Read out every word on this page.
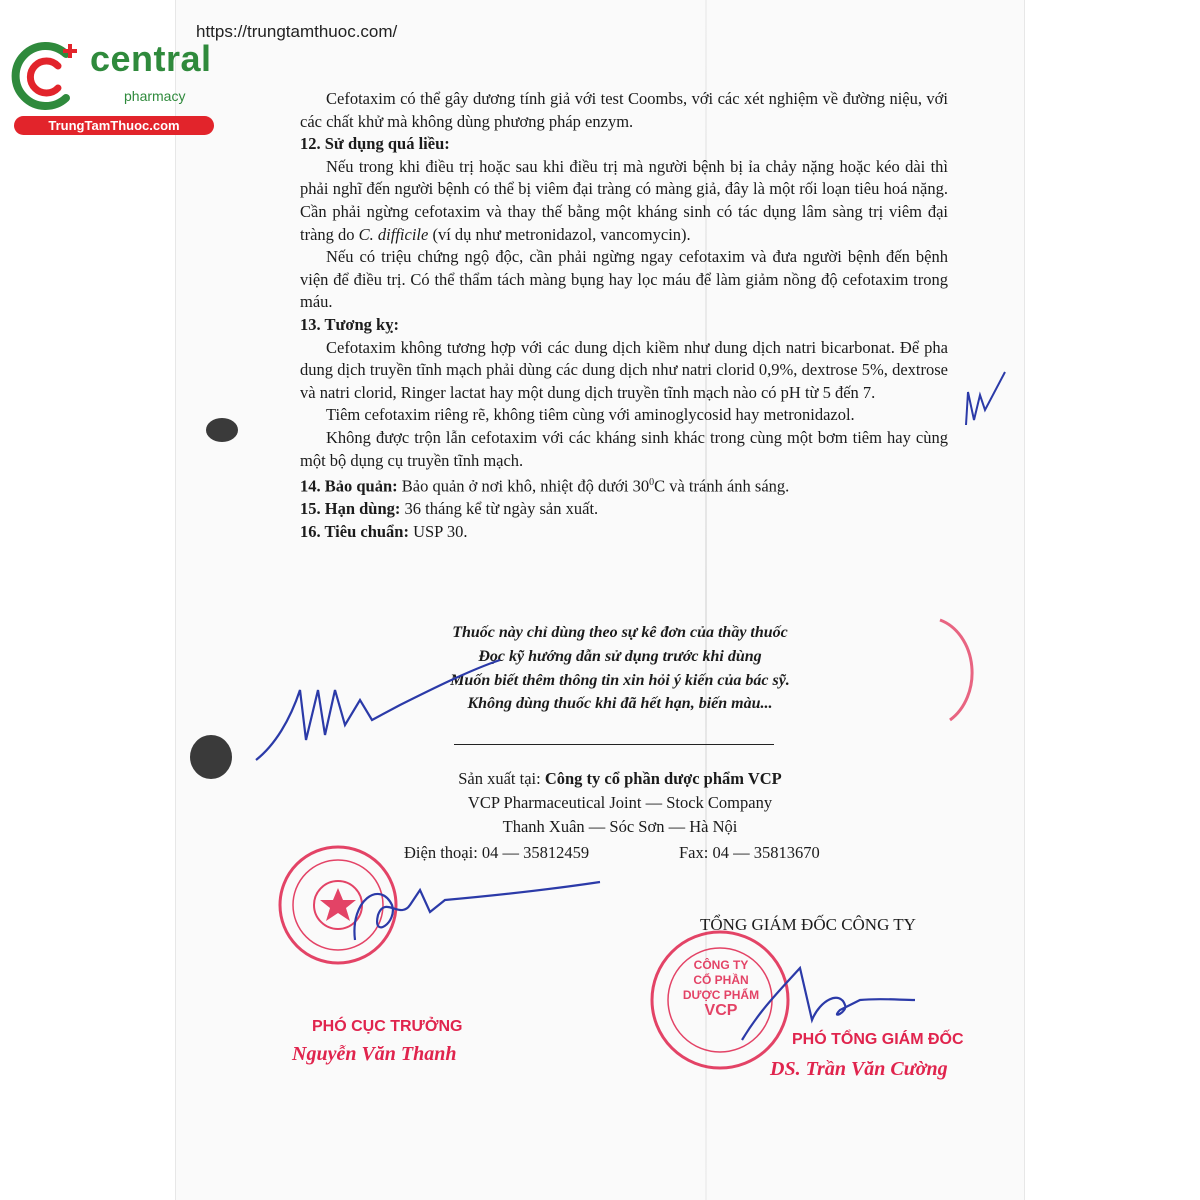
https://trungtamthuoc.com/
central
pharmacy
TrungTamThuoc.com

Cefotaxim có thể gây dương tính giả với test Coombs, với các xét nghiệm về đường niệu, với các chất khử mà không dùng phương pháp enzym.

12. Sử dụng quá liều:

Nếu trong khi điều trị hoặc sau khi điều trị mà người bệnh bị ỉa chảy nặng hoặc kéo dài thì phải nghĩ đến người bệnh có thể bị viêm đại tràng có màng giả, đây là một rối loạn tiêu hoá nặng. Cần phải ngừng cefotaxim và thay thế bằng một kháng sinh có tác dụng lâm sàng trị viêm đại tràng do C. difficile (ví dụ như metronidazol, vancomycin).

Nếu có triệu chứng ngộ độc, cần phải ngừng ngay cefotaxim và đưa người bệnh đến bệnh viện để điều trị. Có thể thẩm tách màng bụng hay lọc máu để làm giảm nồng độ cefotaxim trong máu.

13. Tương kỵ:

Cefotaxim không tương hợp với các dung dịch kiềm như dung dịch natri bicarbonat. Để pha dung dịch truyền tĩnh mạch phải dùng các dung dịch như natri clorid 0,9%, dextrose 5%, dextrose và natri clorid, Ringer lactat hay một dung dịch truyền tĩnh mạch nào có pH từ 5 đến 7.

Tiêm cefotaxim riêng rẽ, không tiêm cùng với aminoglycosid hay metronidazol.

Không được trộn lẫn cefotaxim với các kháng sinh khác trong cùng một bơm tiêm hay cùng một bộ dụng cụ truyền tĩnh mạch.

14. Bảo quản: Bảo quản ở nơi khô, nhiệt độ dưới $30^0C$ và tránh ánh sáng.

15. Hạn dùng: 36 tháng kể từ ngày sản xuất.

16. Tiêu chuẩn: USP 30.

Thuốc này chỉ dùng theo sự kê đơn của thầy thuốc
Đọc kỹ hướng dẫn sử dụng trước khi dùng
Muốn biết thêm thông tin xin hỏi ý kiến của bác sỹ.
Không dùng thuốc khi đã hết hạn, biến màu...
Sản xuất tại: Công ty cổ phần dược phẩm VCP
VCP Pharmaceutical Joint — Stock Company
Thanh Xuân — Sóc Sơn — Hà Nội
Điện thoại: 04 — 35812459	Fax: 04 — 35813670
TỔNG GIÁM ĐỐC CÔNG TY
PHÓ CỤC TRƯỞNG
Nguyễn Văn Thanh
PHÓ TỔNG GIÁM ĐỐC
DS. Trần Văn Cường
CÔNG TY
CỔ PHẦN
DƯỢC PHẨM
VCP
